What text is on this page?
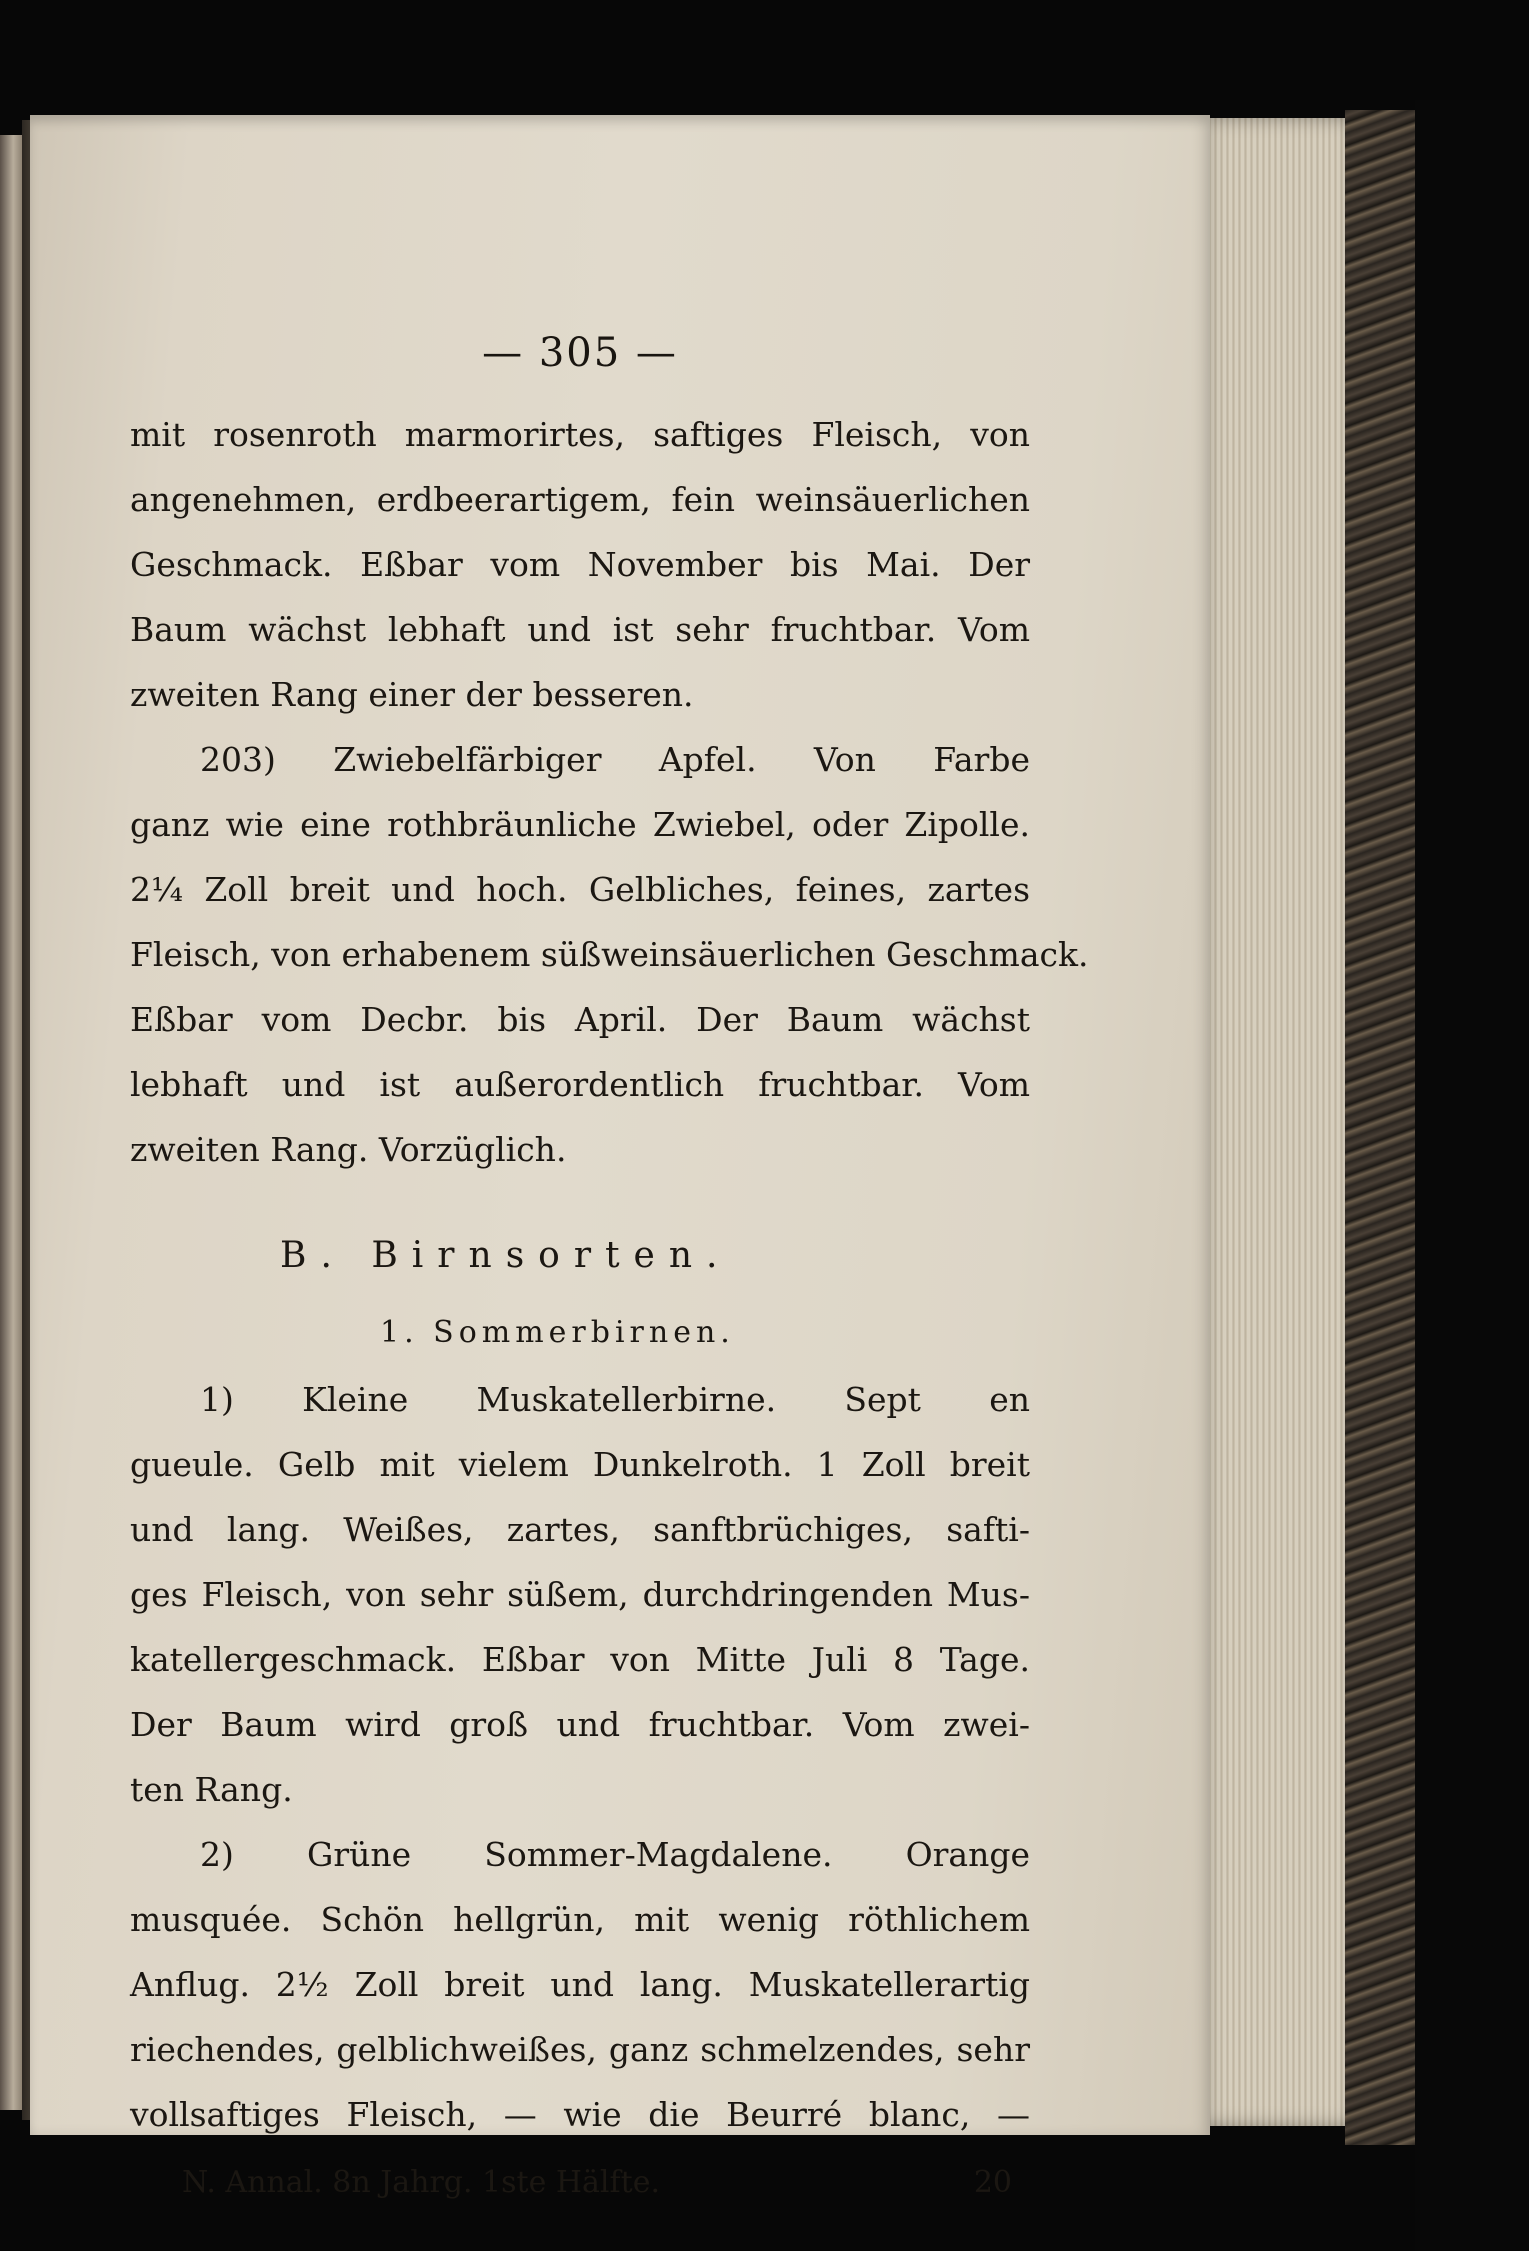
— 305 —
mit rosenroth marmorirtes, saftiges Fleisch, von
angenehmen, erdbeerartigem, fein weinsäuerlichen
Geschmack. Eßbar vom November bis Mai. Der
Baum wächst lebhaft und ist sehr fruchtbar. Vom
zweiten Rang einer der besseren.
203) Zwiebelfärbiger Apfel. Von Farbe
ganz wie eine rothbräunliche Zwiebel, oder Zipolle.
2¼ Zoll breit und hoch. Gelbliches, feines, zartes
Fleisch, von erhabenem süßweinsäuerlichen Geschmack.
Eßbar vom Decbr. bis April. Der Baum wächst
lebhaft und ist außerordentlich fruchtbar. Vom
zweiten Rang. Vorzüglich.
B. Birnsorten.
1. Sommerbirnen.
1) Kleine Muskatellerbirne. Sept en
gueule. Gelb mit vielem Dunkelroth. 1 Zoll breit
und lang. Weißes, zartes, sanftbrüchiges, safti-
ges Fleisch, von sehr süßem, durchdringenden Mus-
katellergeschmack. Eßbar von Mitte Juli 8 Tage.
Der Baum wird groß und fruchtbar. Vom zwei-
ten Rang.
2) Grüne Sommer-Magdalene. Orange
musquée. Schön hellgrün, mit wenig röthlichem
Anflug. 2½ Zoll breit und lang. Muskatellerartig
riechendes, gelblichweißes, ganz schmelzendes, sehr
vollsaftiges Fleisch, — wie die Beurré blanc, —
N. Annal. 8n Jahrg. 1ste Hälfte.	20
